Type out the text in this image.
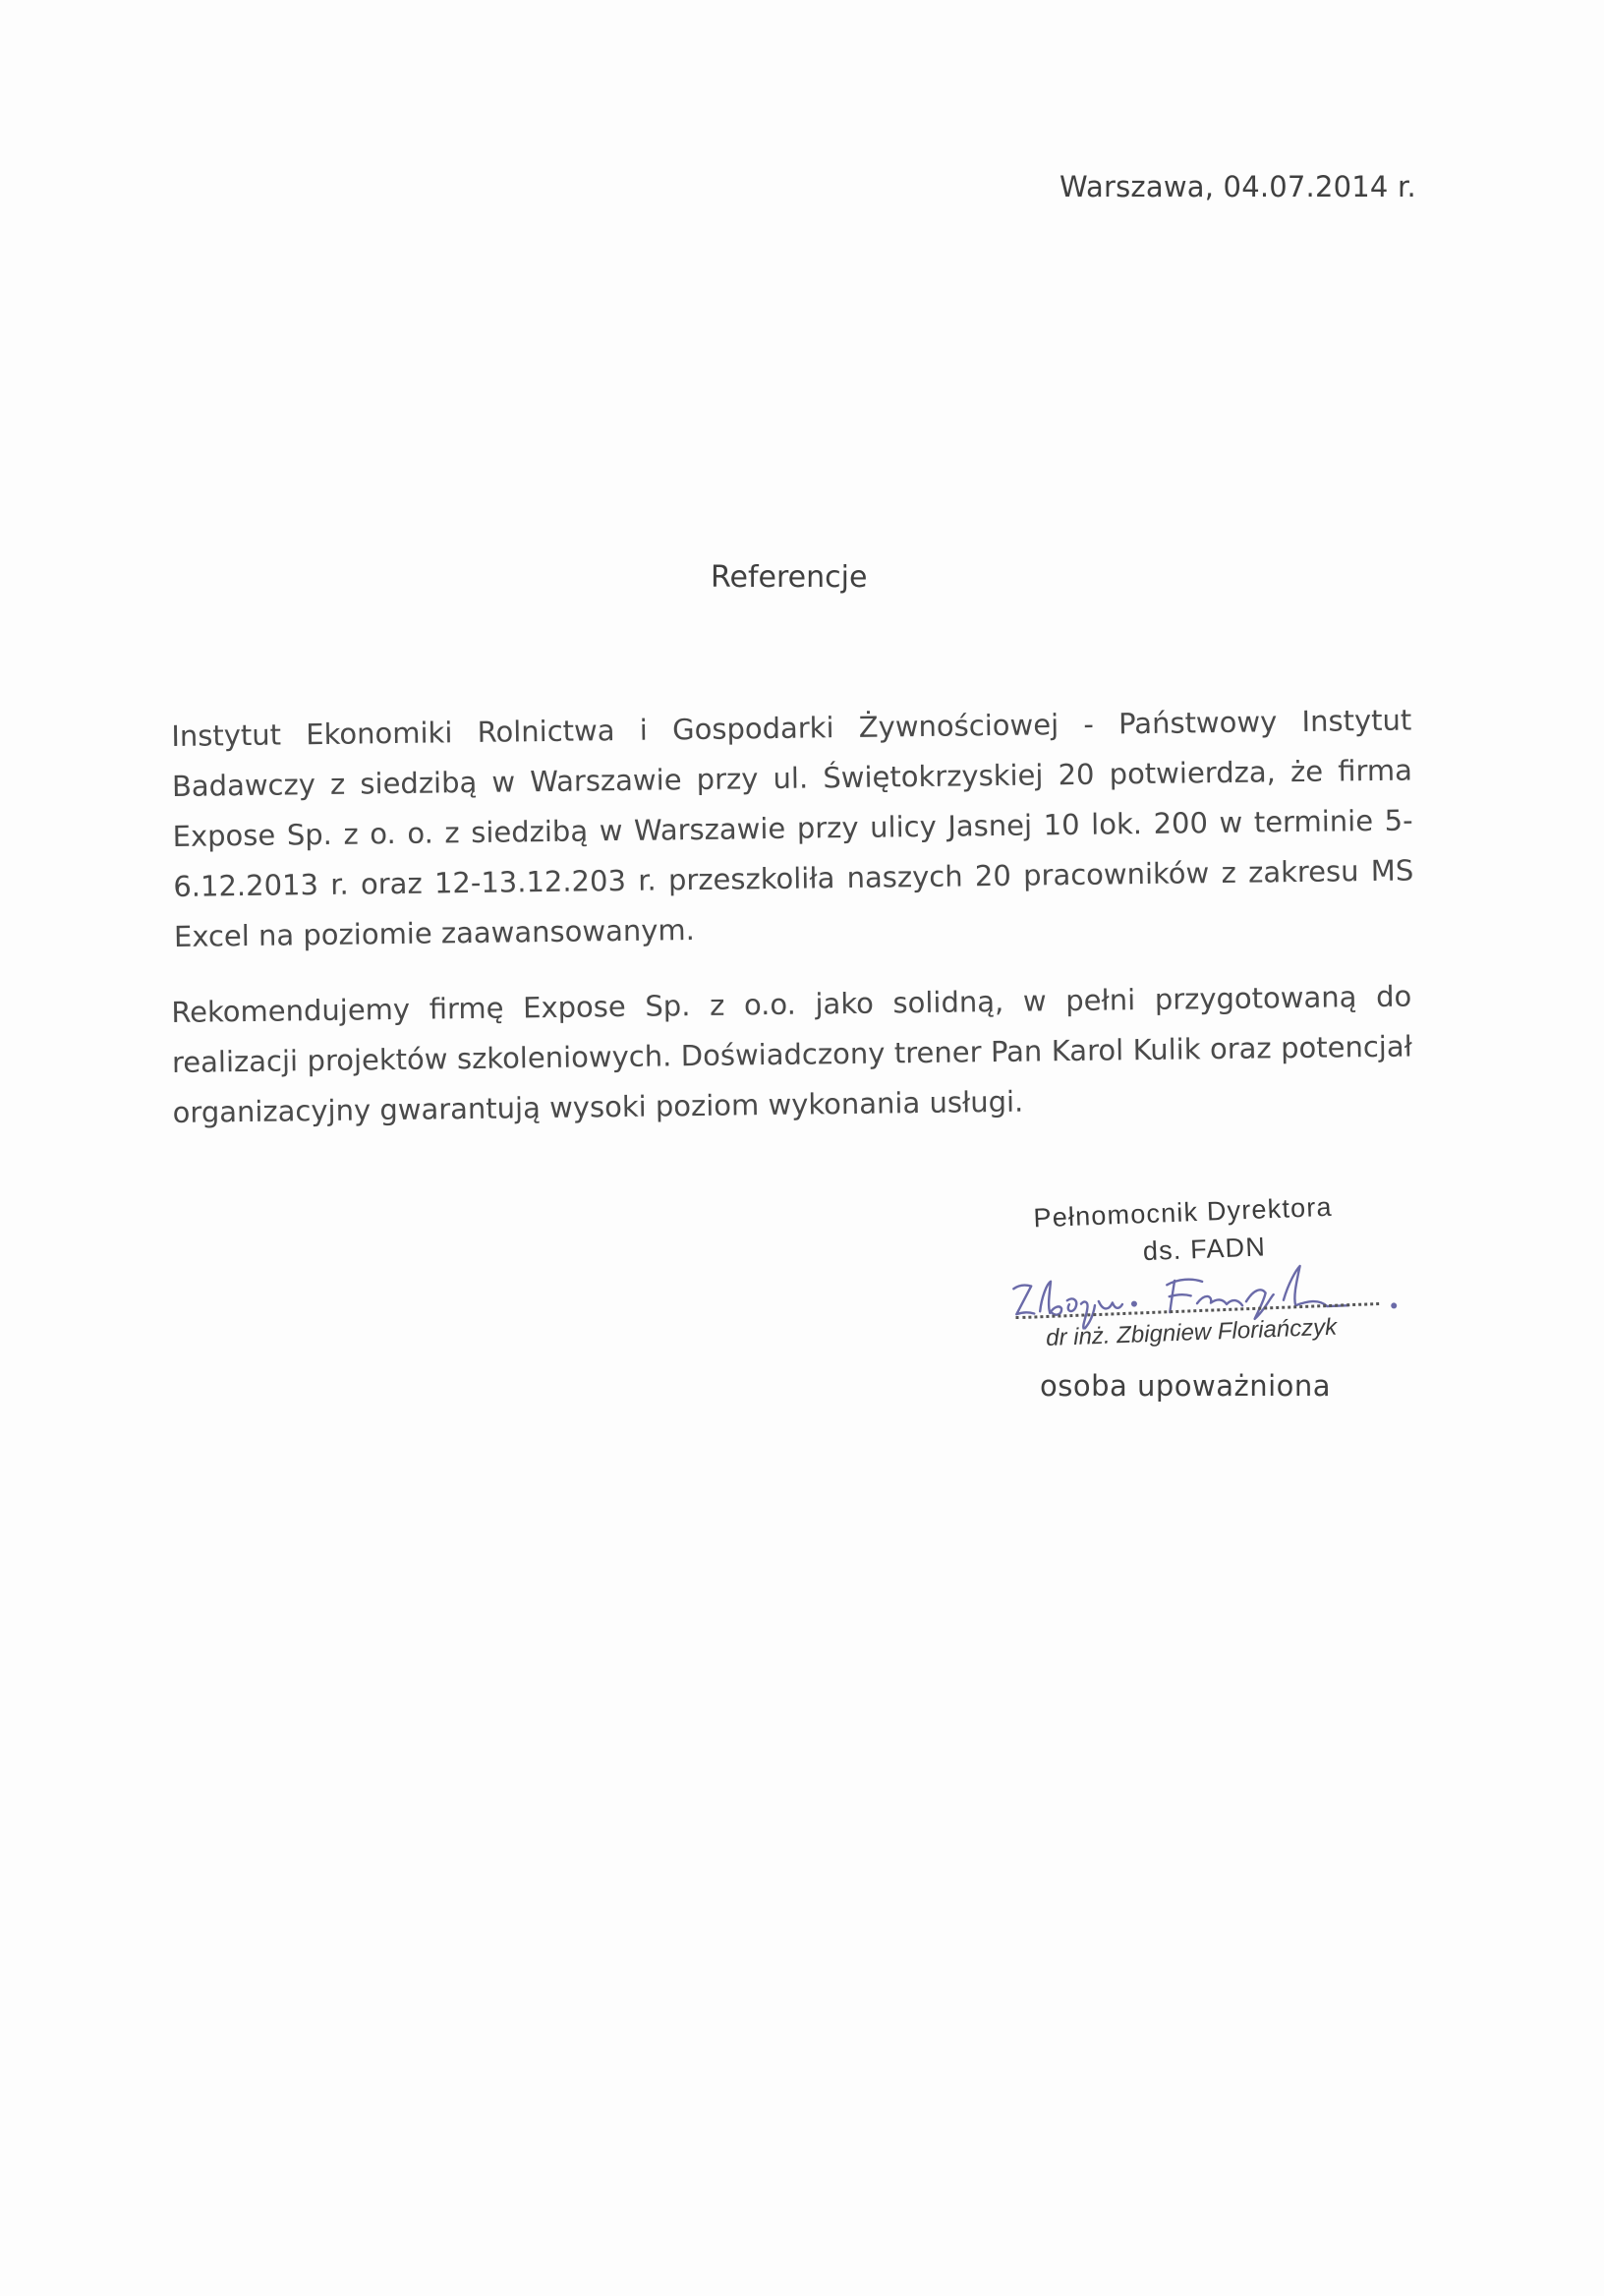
Warszawa, 04.07.2014 r.
Referencje
Instytut Ekonomiki Rolnictwa i Gospodarki Żywnościowej - Państwowy Instytut Badawczy z siedzibą w Warszawie przy ul. Świętokrzyskiej 20 potwierdza, że firma Expose Sp. z o. o. z siedzibą w Warszawie przy ulicy Jasnej 10 lok. 200 w terminie 5-6.12.2013 r. oraz 12-13.12.203 r. przeszkoliła naszych 20 pracowników z zakresu MS Excel na poziomie zaawansowanym.
Rekomendujemy firmę Expose Sp. z o.o. jako solidną, w pełni przygotowaną do realizacji projektów szkoleniowych. Doświadczony trener Pan Karol Kulik oraz potencjał organizacyjny gwarantują wysoki poziom wykonania usługi.
Pełnomocnik Dyrektora
ds. FADN
dr inż. Zbigniew Floriańczyk
osoba upoważniona
